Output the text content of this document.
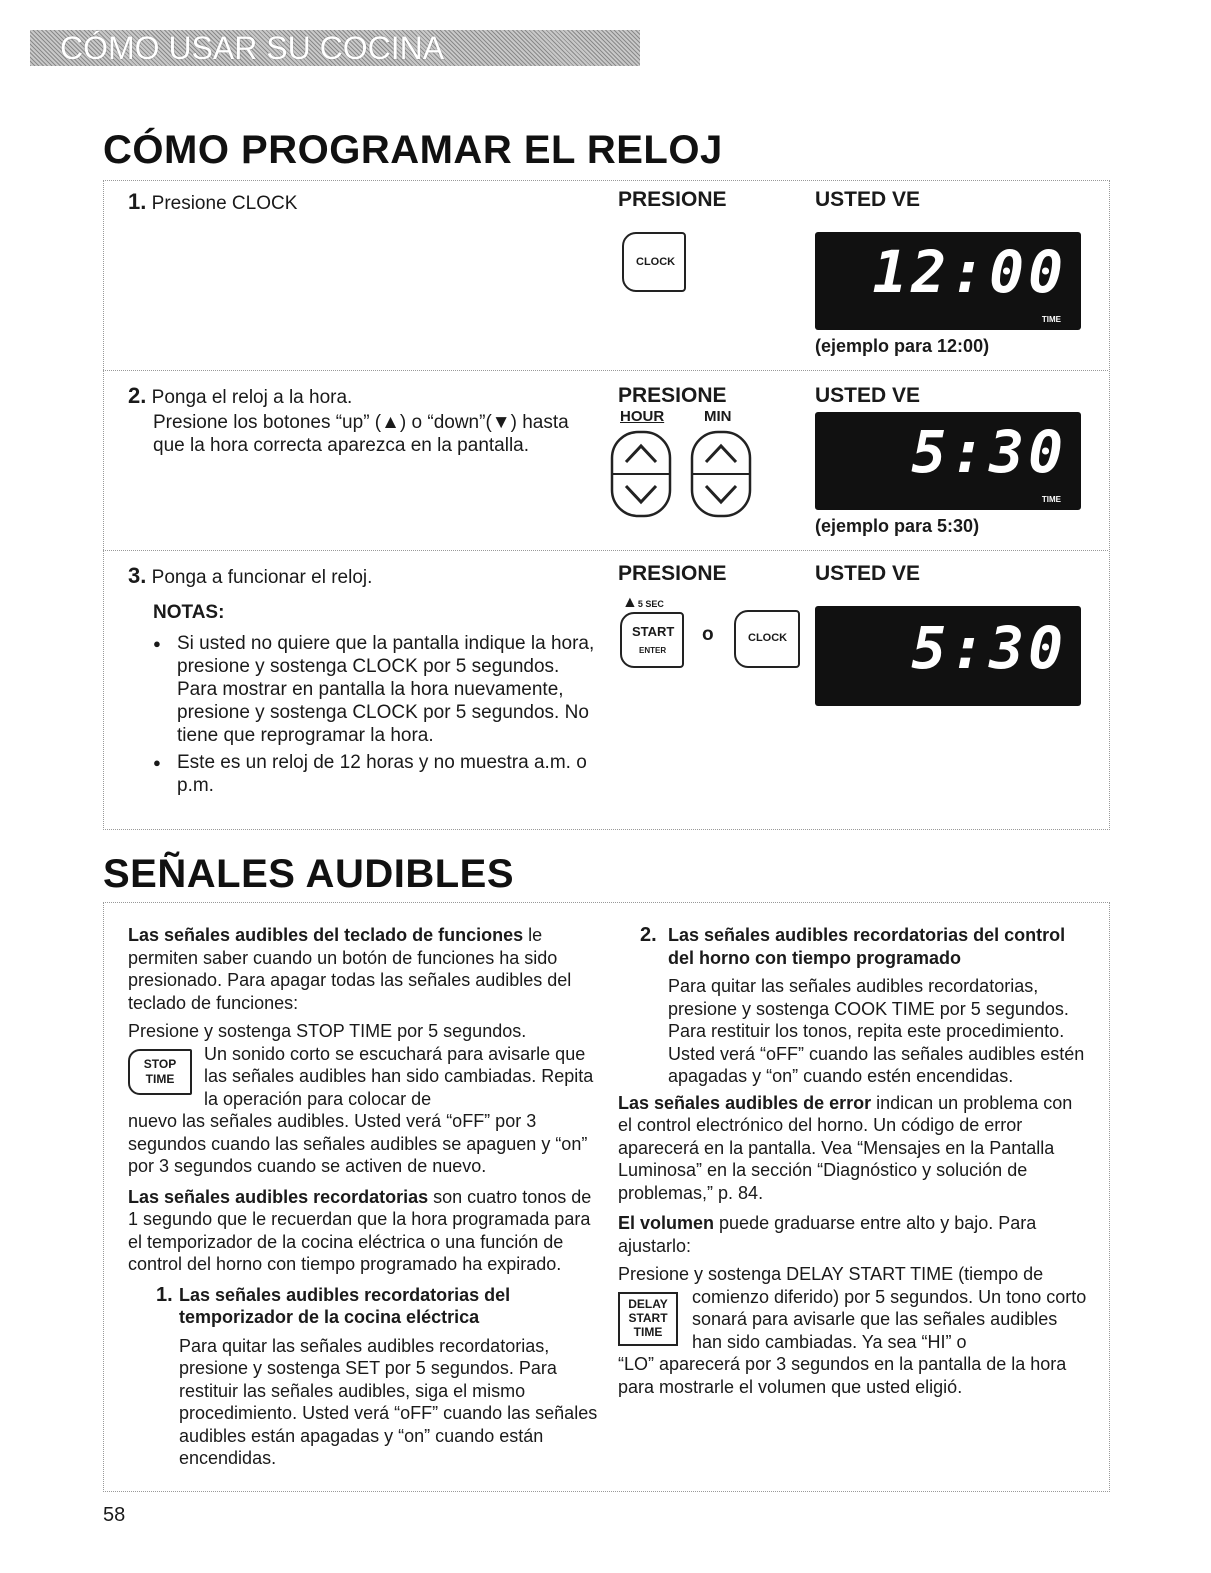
CÓMO USAR SU COCINA
CÓMO PROGRAMAR EL RELOJ
1. Presione CLOCK	PRESIONE	USTED VE
CLOCK	12:00
TIME
(ejemplo para 12:00)
2. Ponga el reloj a la hora.
Presione los botones “up” (▲) o “down”(▼) hasta que la hora correcta aparezca en la pantalla.
PRESIONE	USTED VE
HOUR	MIN
5:30
TIME
(ejemplo para 5:30)
3. Ponga a funcionar el reloj.
NOTAS:
● Si usted no quiere que la pantalla indique la hora, presione y sostenga CLOCK por 5 segundos. Para mostrar en pantalla la hora nuevamente, presione y sostenga CLOCK por 5 segundos. No tiene que reprogramar la hora.
● Este es un reloj de 12 horas y no muestra a.m. o p.m.
PRESIONE	USTED VE
▲5 SEC
START
ENTER
o	CLOCK 5:30
SEÑALES AUDIBLES

Las señales audibles del teclado de funciones le permiten saber cuando un botón de funciones ha sido presionado. Para apagar todas las señales audibles del teclado de funciones:

Presione y sostenga STOP TIME por 5 segundos.

STOP
TIME
Un sonido corto se escuchará para avisarle que las señales audibles han sido cambiadas. Repita la operación para colocar de

nuevo las señales audibles. Usted verá “oFF” por 3 segundos cuando las señales audibles se apaguen y “on” por 3 segundos cuando se activen de nuevo.

Las señales audibles recordatorias son cuatro tonos de 1 segundo que le recuerdan que la hora programada para el temporizador de la cocina eléctrica o una función de control del horno con tiempo programado ha expirado.

1. Las señales audibles recordatorias del temporizador de la cocina eléctrica
Para quitar las señales audibles recordatorias, presione y sostenga SET por 5 segundos. Para restituir las señales audibles, siga el mismo procedimiento. Usted verá “oFF” cuando las señales audibles están apagadas y “on” cuando están encendidas.
2. Las señales audibles recordatorias del control del horno con tiempo programado
Para quitar las señales audibles recordatorias, presione y sostenga COOK TIME por 5 segundos. Para restituir los tonos, repita este procedimiento. Usted verá “oFF” cuando las señales audibles estén apagadas y “on” cuando estén encendidas.

Las señales audibles de error indican un problema con el control electrónico del horno. Un código de error aparecerá en la pantalla. Vea “Mensajes en la Pantalla Luminosa” en la sección “Diagnóstico y solución de problemas,” p. 84.

El volumen puede graduarse entre alto y bajo. Para ajustarlo:

Presione y sostenga DELAY START TIME (tiempo de

DELAY
START
TIME
comienzo diferido) por 5 segundos. Un tono corto sonará para avisarle que las señales audibles han sido cambiadas. Ya sea “HI” o

“LO” aparecerá por 3 segundos en la pantalla de la hora para mostrarle el volumen que usted eligió.

58
